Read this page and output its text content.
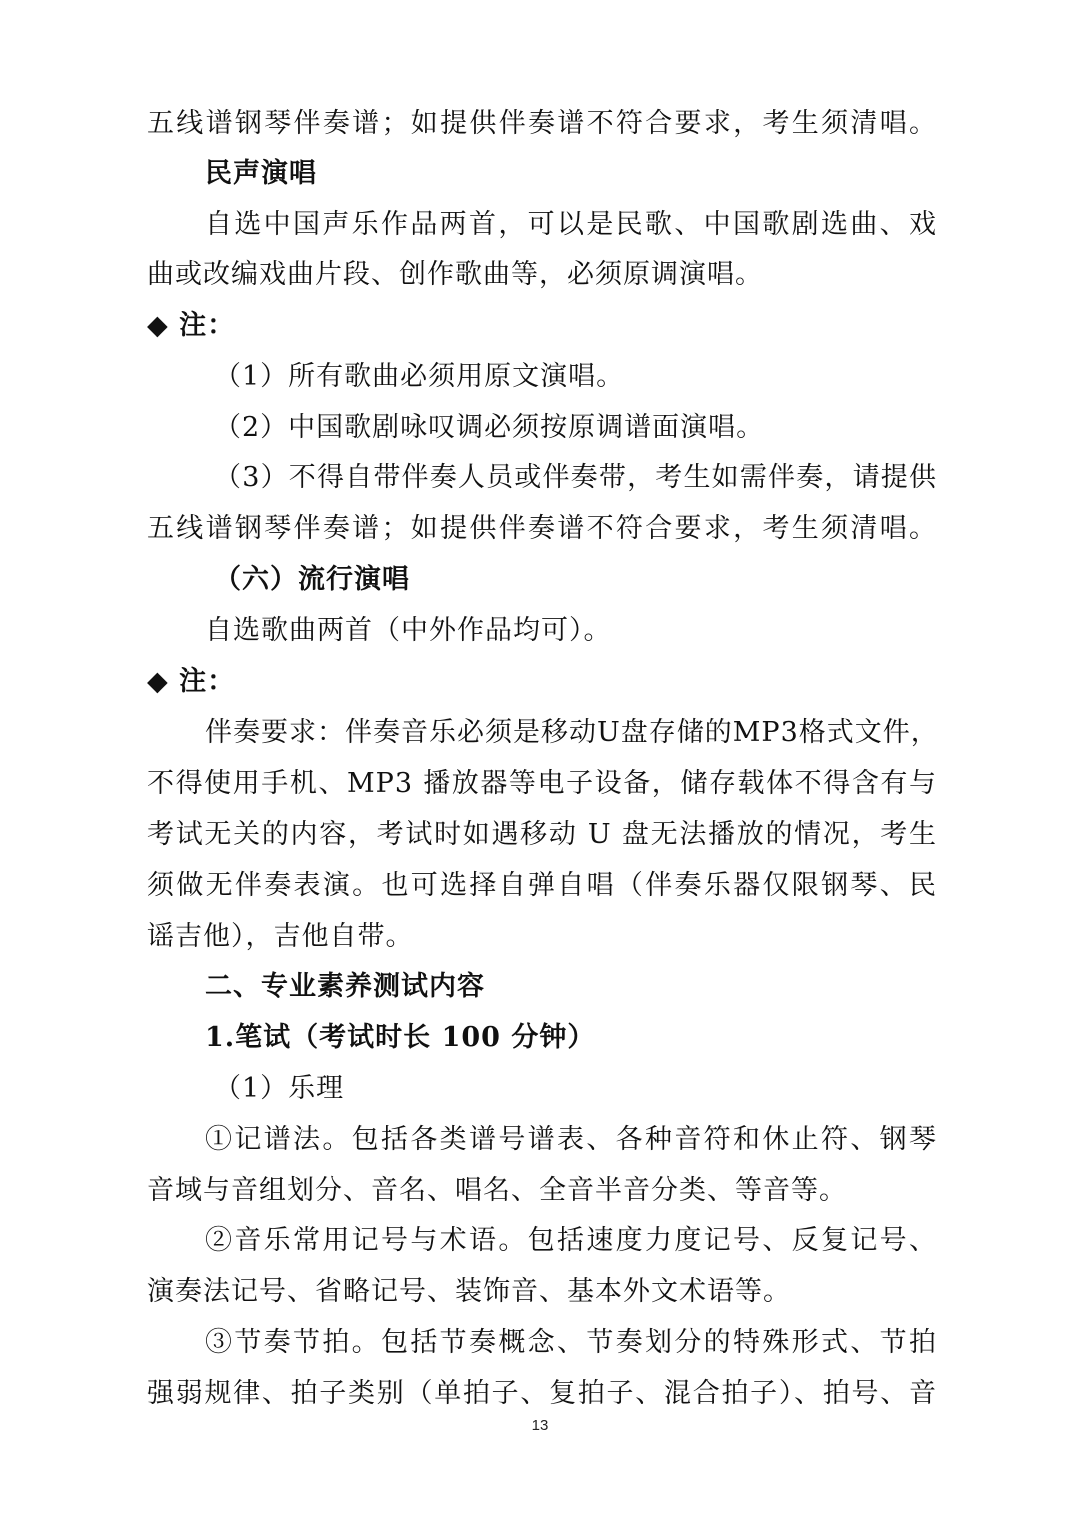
五线谱钢琴伴奏谱；如提供伴奏谱不符合要求，考生须清唱。
民声演唱
自选中国声乐作品两首，可以是民歌、中国歌剧选曲、戏
曲或改编戏曲片段、创作歌曲等，必须原调演唱。
◆ 注：
（1）所有歌曲必须用原文演唱。
（2）中国歌剧咏叹调必须按原调谱面演唱。
（3）不得自带伴奏人员或伴奏带，考生如需伴奏，请提供
五线谱钢琴伴奏谱；如提供伴奏谱不符合要求，考生须清唱。
（六）流行演唱
自选歌曲两首（中外作品均可）。
◆ 注：
伴奏要求：伴奏音乐必须是移动U盘存储的MP3格式文件，
不得使用手机、MP3 播放器等电子设备，储存载体不得含有与
考试无关的内容，考试时如遇移动 U 盘无法播放的情况，考生
须做无伴奏表演。也可选择自弹自唱（伴奏乐器仅限钢琴、民
谣吉他），吉他自带。
二、专业素养测试内容
1.笔试（考试时长 100 分钟）
（1）乐理
①记谱法。包括各类谱号谱表、各种音符和休止符、钢琴
音域与音组划分、音名、唱名、全音半音分类、等音等。
②音乐常用记号与术语。包括速度力度记号、反复记号、
演奏法记号、省略记号、装饰音、基本外文术语等。
③节奏节拍。包括节奏概念、节奏划分的特殊形式、节拍
强弱规律、拍子类别（单拍子、复拍子、混合拍子）、拍号、音
13
